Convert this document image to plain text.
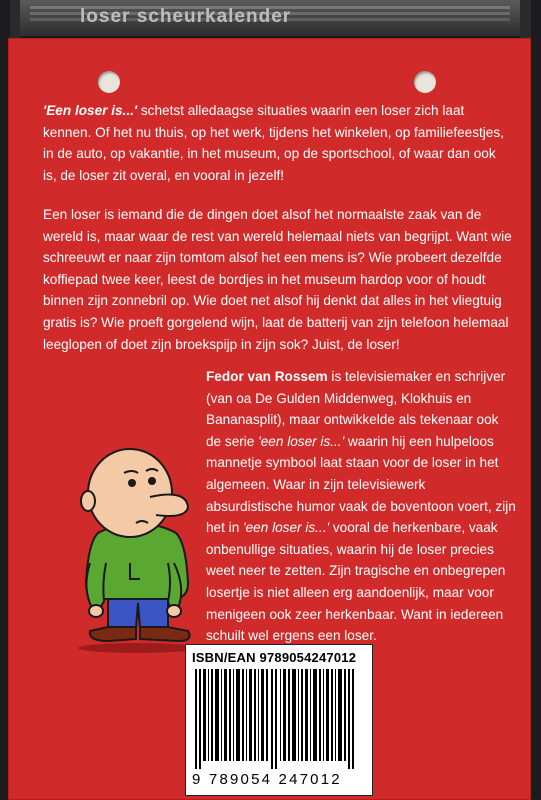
loser scheurkalender
'Een loser is...' schetst alledaagse situaties waarin een loser zich laat kennen. Of het nu thuis, op het werk, tijdens het winkelen, op familiefeestjes, in de auto, op vakantie, in het museum, op de sportschool, of waar dan ook is, de loser zit overal, en vooral in jezelf!
Een loser is iemand die de dingen doet alsof het normaalste zaak van de wereld is, maar waar de rest van wereld helemaal niets van begrijpt. Want wie schreeuwt er naar zijn tomtom alsof het een mens is? Wie probeert dezelfde koffiepad twee keer, leest de bordjes in het museum hardop voor of houdt binnen zijn zonnebril op. Wie doet net alsof hij denkt dat alles in het vliegtuig gratis is? Wie proeft gorgelend wijn, laat de batterij van zijn telefoon helemaal leeglopen of doet zijn broekspijp in zijn sok? Juist, de loser!
Fedor van Rossem is televisiemaker en schrijver (van oa De Gulden Middenweg, Klokhuis en Bananasplit), maar ontwikkelde als tekenaar ook de serie 'een loser is...' waarin hij een hulpeloos mannetje symbool laat staan voor de loser in het algemeen. Waar in zijn televisiewerk absurdistische humor vaak de boventoon voert, zijn het in 'een loser is...' vooral de herkenbare, vaak onbenullige situaties, waarin hij de loser precies weet neer te zetten. Zijn tragische en onbegrepen losertje is niet alleen erg aandoenlijk, maar voor menigeen ook zeer herkenbaar. Want in iedereen schuilt wel ergens een loser.
ISBN/EAN 9789054247012
9 789054 247012
